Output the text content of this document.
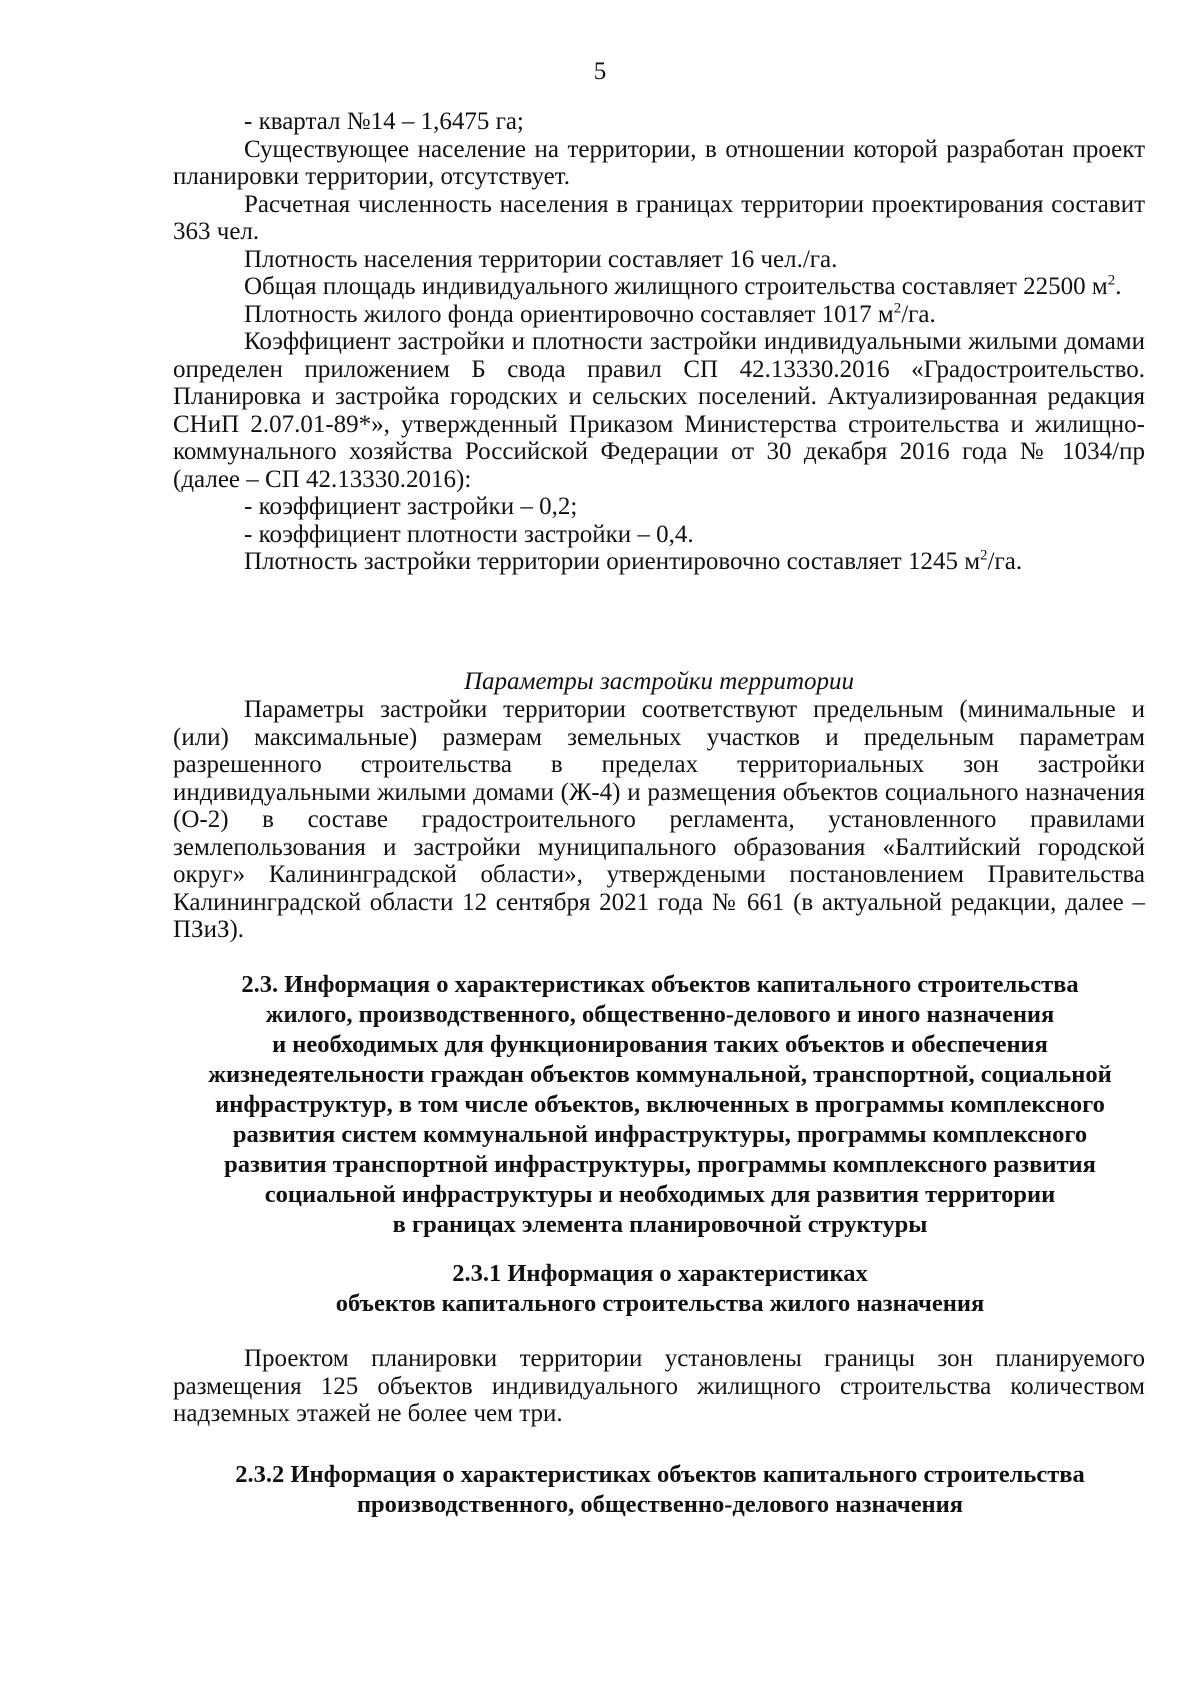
5

- квартал №14 – 1,6475 га;

Существующее население на территории, в отношении которой разработан проект планировки территории, отсутствует.

Расчетная численность населения в границах территории проектирования составит 363 чел.

Плотность населения территории составляет 16 чел./га.

Общая площадь индивидуального жилищного строительства составляет 22500 $м^2$.

Плотность жилого фонда ориентировочно составляет 1017 $м^2/га$.

Коэффициент застройки и плотности застройки индивидуальными жилыми домами определен приложением Б свода правил СП 42.13330.2016 «Градостроительство. Планировка и застройка городских и сельских поселений. Актуализированная редакция СНиП 2.07.01-89*», утвержденный Приказом Министерства строительства и жилищно-коммунального хозяйства Российской Федерации от 30 декабря 2016 года № 1034/пр (далее – СП 42.13330.2016):

- коэффициент застройки – 0,2;

- коэффициент плотности застройки – 0,4.

Плотность застройки территории ориентировочно составляет 1245 $м^2/га$.

Параметры застройки территории

Параметры застройки территории соответствуют предельным (минимальные и (или) максимальные) размерам земельных участков и предельным параметрам разрешенного строительства в пределах территориальных зон застройки индивидуальными жилыми домами (Ж-4) и размещения объектов социального назначения (О-2) в составе градостроительного регламента, установленного правилами землепользования и застройки муниципального образования «Балтийский городской округ» Калининградской области», утверждеными постановлением Правительства Калининградской области 12 сентября 2021 года № 661 (в актуальной редакции, далее – ПЗиЗ).

2.3. Информация о характеристиках объектов капитального строительства
жилого, производственного, общественно-делового и иного назначения
и необходимых для функционирования таких объектов и обеспечения
жизнедеятельности граждан объектов коммунальной, транспортной, социальной
инфраструктур, в том числе объектов, включенных в программы комплексного
развития систем коммунальной инфраструктуры, программы комплексного
развития транспортной инфраструктуры, программы комплексного развития
социальной инфраструктуры и необходимых для развития территории
в границах элемента планировочной структуры
2.3.1 Информация о характеристиках
объектов капитального строительства жилого назначения

Проектом планировки территории установлены границы зон планируемого размещения 125 объектов индивидуального жилищного строительства количеством надземных этажей не более чем три.

2.3.2 Информация о характеристиках объектов капитального строительства
производственного, общественно-делового назначения
